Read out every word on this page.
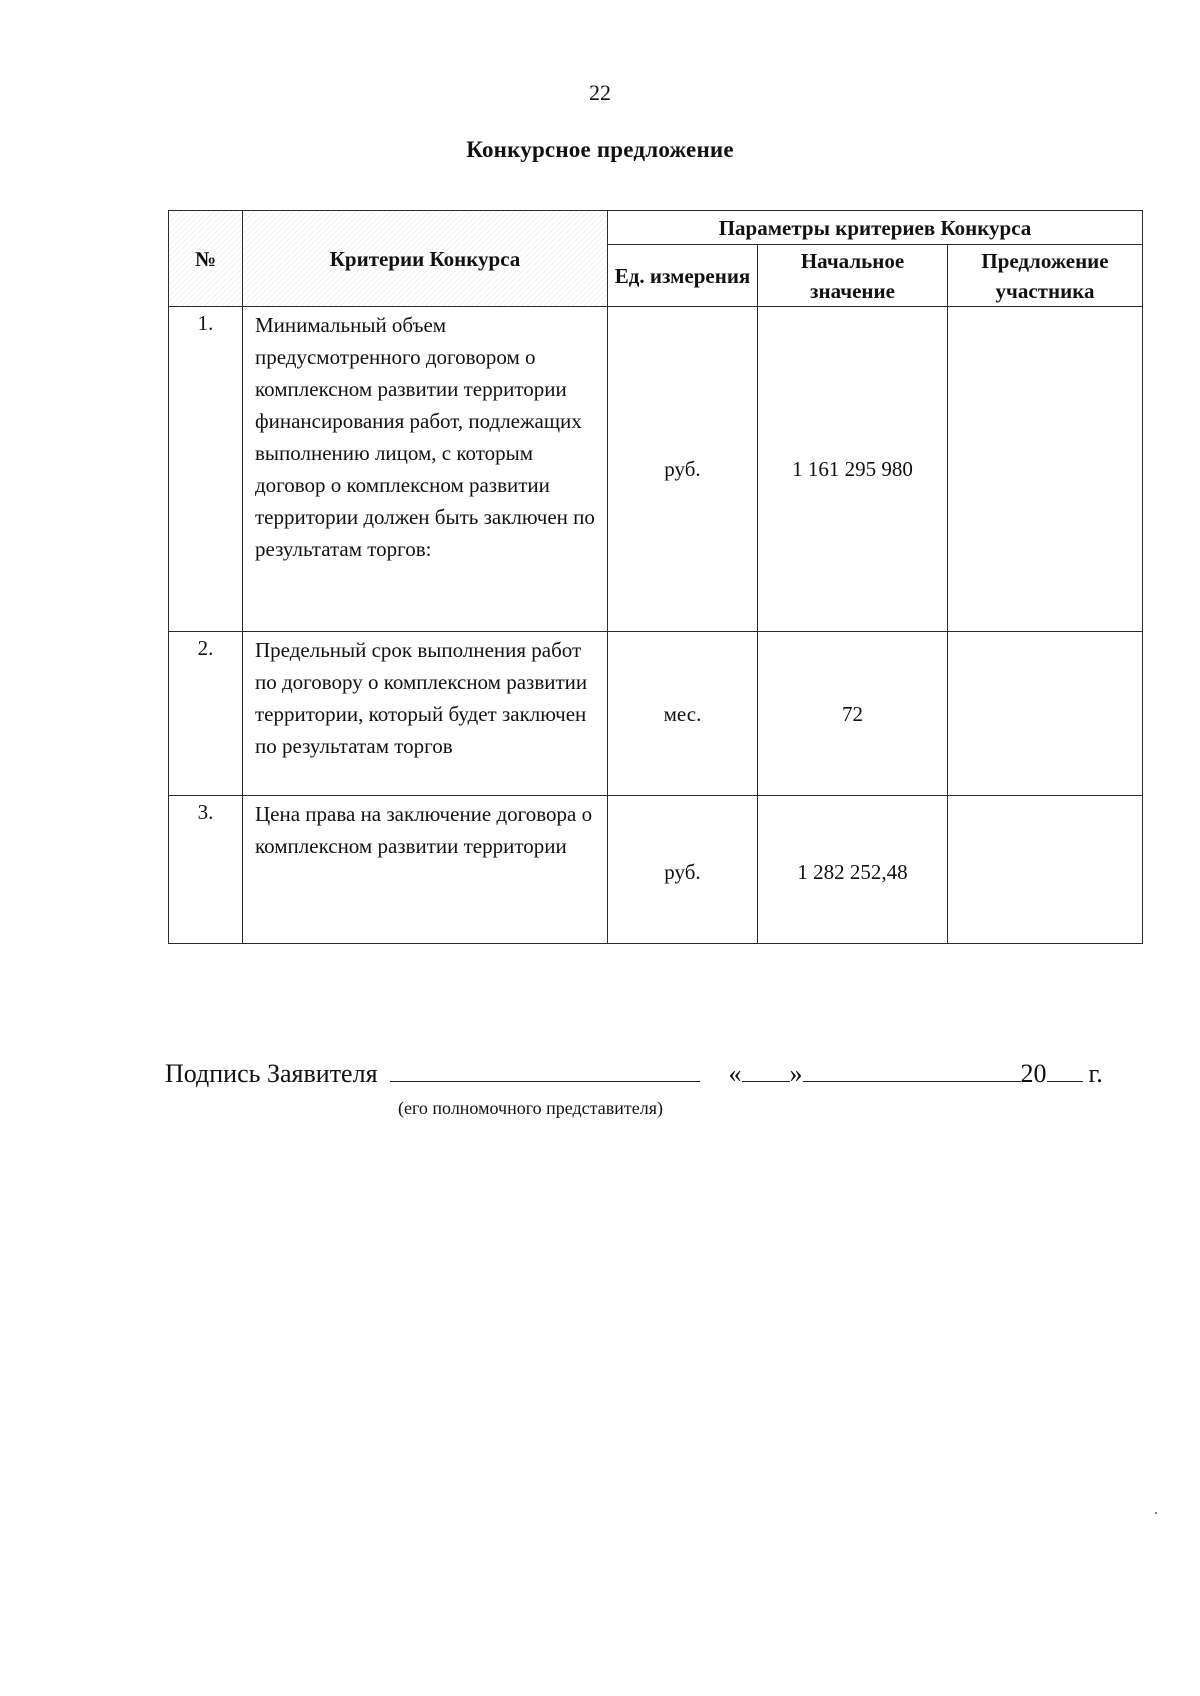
22
Конкурсное предложение
№	Критерии Конкурса	Параметры критериев Конкурса		
		Ед. измерения	Начальное значение	Предложение участника
1.	Минимальный объем предусмотренного договором о комплексном развитии территории финансирования работ, подлежащих выполнению лицом, с которым договор о комплексном развитии территории должен быть заключен по результатам торгов:	руб.	1 161 295 980	
2.	Предельный срок выполнения работ по договору о комплексном развитии территории, который будет заключен по результатам торгов	мес.	72	
3.	Цена права на заключение договора о комплексном развитии территории	руб.	1 282 252,48	
Подпись Заявителя	« »	20 г.
(его полномочного представителя)
